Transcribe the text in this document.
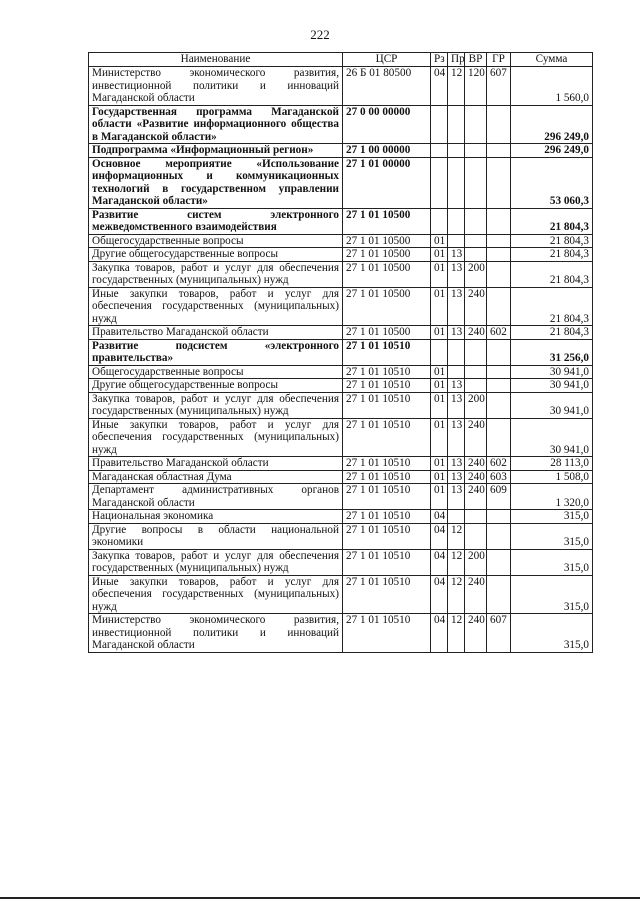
222
Наименование	ЦСР	Рз	Пр	ВР	ГР	Сумма
Министерство экономического развития, инвестиционной политики и инноваций Магаданской области	26 Б 01 80500	04	12	120	607	1 560,0
Государственная программа Магаданской области «Развитие информационного общества в Магаданской области»	27 0 00 00000					296 249,0
Подпрограмма «Информационный регион»	27 1 00 00000					296 249,0
Основное мероприятие «Использование информационных и коммуникационных технологий в государственном управлении Магаданской области»	27 1 01 00000					53 060,3
Развитие систем электронного межведомственного взаимодействия	27 1 01 10500					21 804,3
Общегосударственные вопросы	27 1 01 10500	01				21 804,3
Другие общегосударственные вопросы	27 1 01 10500	01	13			21 804,3
Закупка товаров, работ и услуг для обеспечения государственных (муниципальных) нужд	27 1 01 10500	01	13	200		21 804,3
Иные закупки товаров, работ и услуг для обеспечения государственных (муниципальных) нужд	27 1 01 10500	01	13	240		21 804,3
Правительство Магаданской области	27 1 01 10500	01	13	240	602	21 804,3
Развитие подсистем «электронного правительства»	27 1 01 10510					31 256,0
Общегосударственные вопросы	27 1 01 10510	01				30 941,0
Другие общегосударственные вопросы	27 1 01 10510	01	13			30 941,0
Закупка товаров, работ и услуг для обеспечения государственных (муниципальных) нужд	27 1 01 10510	01	13	200		30 941,0
Иные закупки товаров, работ и услуг для обеспечения государственных (муниципальных) нужд	27 1 01 10510	01	13	240		30 941,0
Правительство Магаданской области	27 1 01 10510	01	13	240	602	28 113,0
Магаданская областная Дума	27 1 01 10510	01	13	240	603	1 508,0
Департамент административных органов Магаданской области	27 1 01 10510	01	13	240	609	1 320,0
Национальная экономика	27 1 01 10510	04				315,0
Другие вопросы в области национальной экономики	27 1 01 10510	04	12			315,0
Закупка товаров, работ и услуг для обеспечения государственных (муниципальных) нужд	27 1 01 10510	04	12	200		315,0
Иные закупки товаров, работ и услуг для обеспечения государственных (муниципальных) нужд	27 1 01 10510	04	12	240		315,0
Министерство экономического развития, инвестиционной политики и инноваций Магаданской области	27 1 01 10510	04	12	240	607	315,0
